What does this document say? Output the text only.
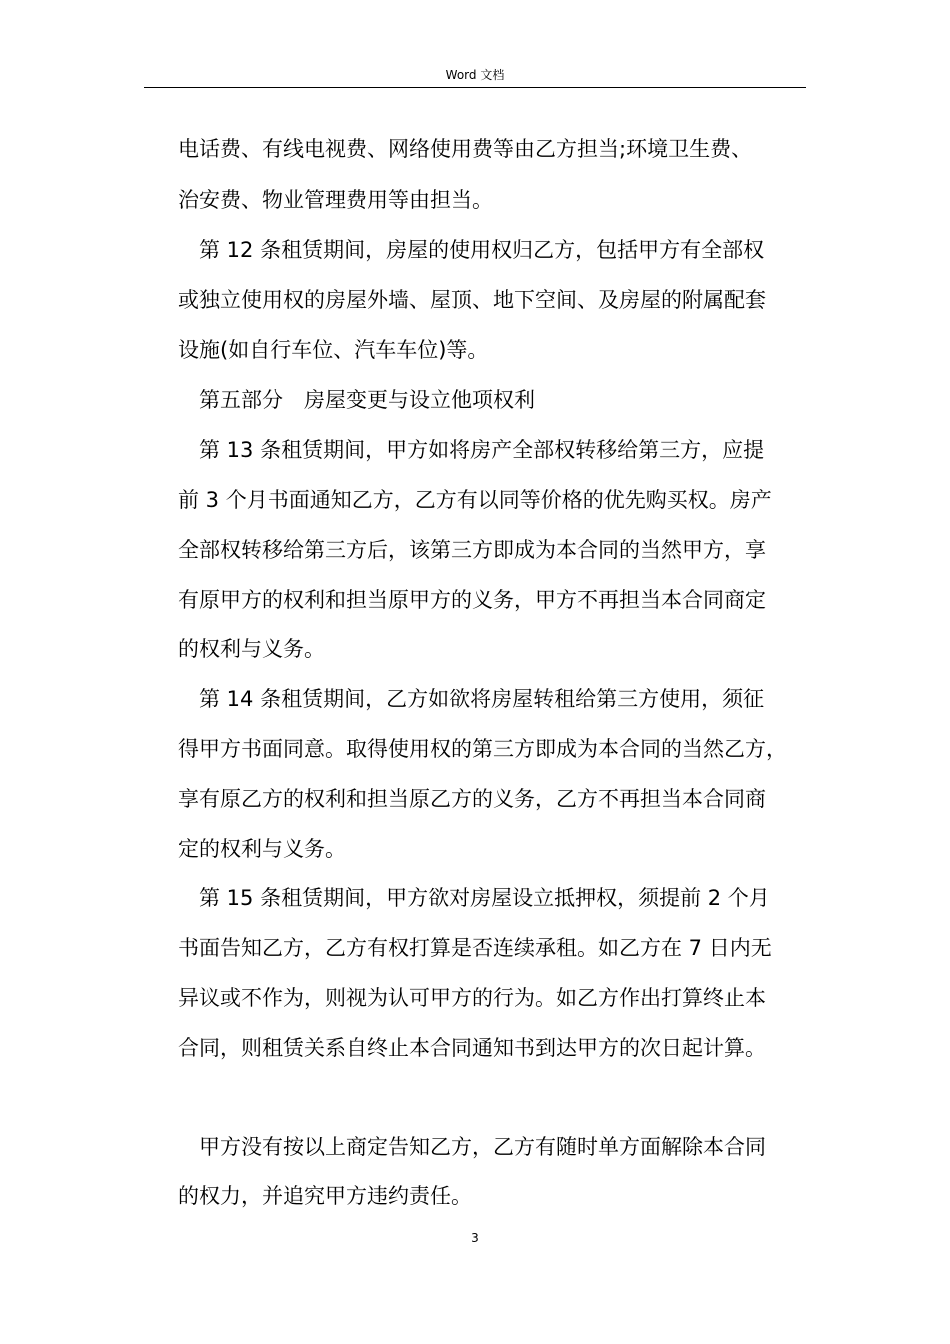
Word 文档
电话费、有线电视费、网络使用费等由乙方担当;环境卫生费、
治安费、物业管理费用等由担当。
第 12 条租赁期间，房屋的使用权归乙方，包括甲方有全部权
或独立使用权的房屋外墙、屋顶、地下空间、及房屋的附属配套
设施(如自行车位、汽车车位)等。
第五部分　房屋变更与设立他项权利
第 13 条租赁期间，甲方如将房产全部权转移给第三方，应提
前 3 个月书面通知乙方，乙方有以同等价格的优先购买权。房产
全部权转移给第三方后，该第三方即成为本合同的当然甲方，享
有原甲方的权利和担当原甲方的义务，甲方不再担当本合同商定
的权利与义务。
第 14 条租赁期间，乙方如欲将房屋转租给第三方使用，须征
得甲方书面同意。取得使用权的第三方即成为本合同的当然乙方，
享有原乙方的权利和担当原乙方的义务，乙方不再担当本合同商
定的权利与义务。
第 15 条租赁期间，甲方欲对房屋设立抵押权，须提前 2 个月
书面告知乙方，乙方有权打算是否连续承租。如乙方在 7 日内无
异议或不作为，则视为认可甲方的行为。如乙方作出打算终止本
合同，则租赁关系自终止本合同通知书到达甲方的次日起计算。
甲方没有按以上商定告知乙方，乙方有随时单方面解除本合同
的权力，并追究甲方违约责任。
3
